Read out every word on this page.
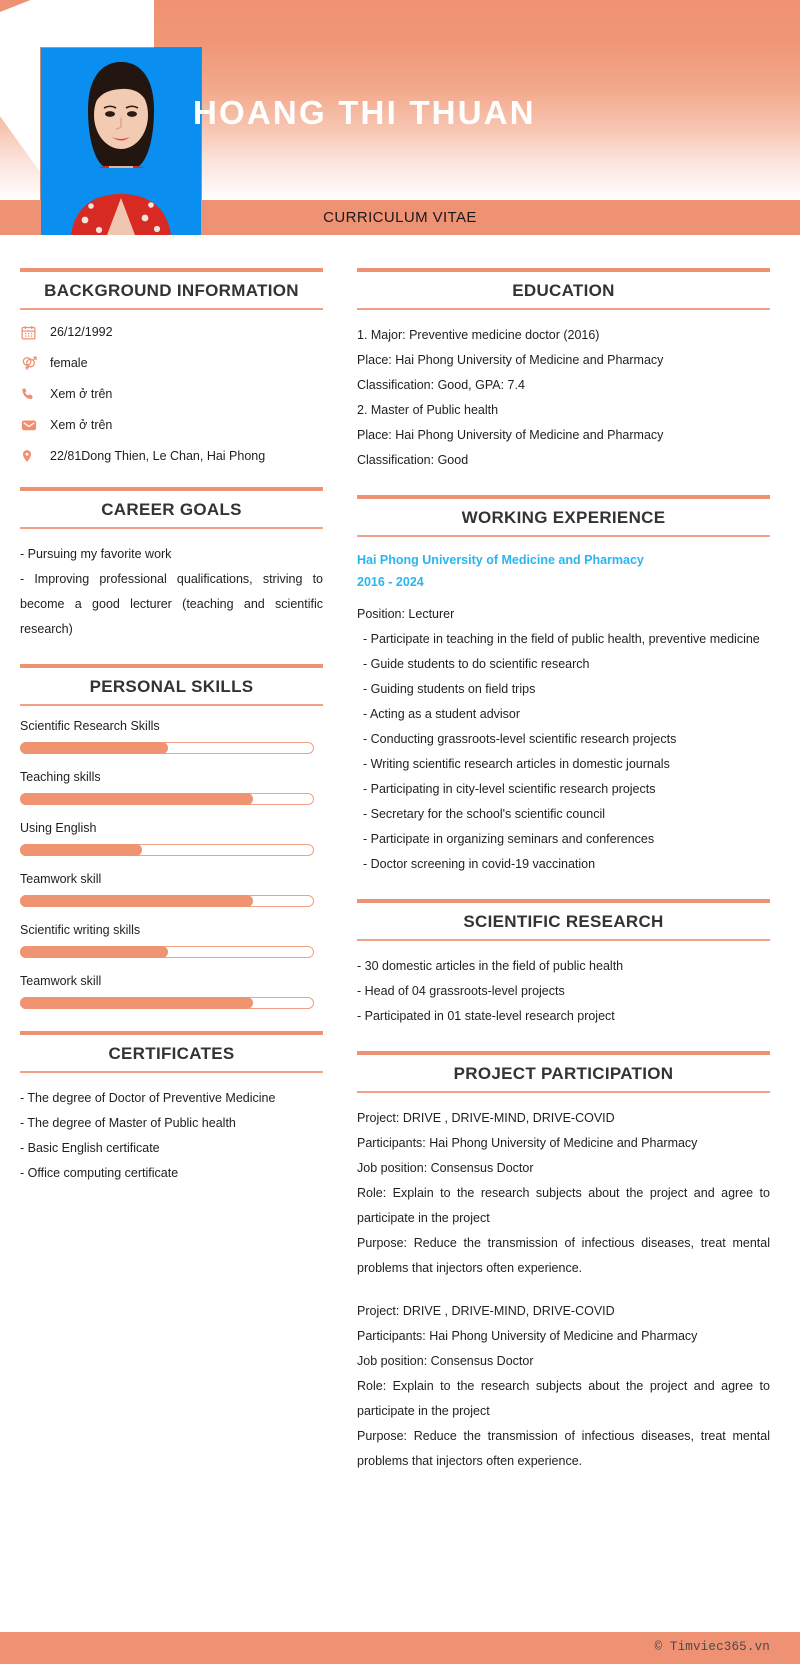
HOANG THI THUAN
CURRICULUM VITAE
BACKGROUND INFORMATION
26/12/1992
female
Xem ở trên
Xem ở trên
22/81Dong Thien, Le Chan, Hai Phong
CAREER GOALS
- Pursuing my favorite work
- Improving professional qualifications, striving to become a good lecturer (teaching and scientific research)
PERSONAL SKILLS
Scientific Research Skills
Teaching skills
Using English
Teamwork skill
Scientific writing skills
Teamwork skill
CERTIFICATES
- The degree of Doctor of Preventive Medicine
- The degree of Master of Public health
- Basic English certificate
- Office computing certificate
EDUCATION
1. Major: Preventive medicine doctor (2016)
Place: Hai Phong University of Medicine and Pharmacy
Classification: Good, GPA: 7.4
2. Master of Public health
Place: Hai Phong University of Medicine and Pharmacy
Classification: Good
WORKING EXPERIENCE
Hai Phong University of Medicine and Pharmacy
2016 - 2024
Position: Lecturer
- Participate in teaching in the field of public health, preventive medicine
- Guide students to do scientific research
- Guiding students on field trips
- Acting as a student advisor
- Conducting grassroots-level scientific research projects
- Writing scientific research articles in domestic journals
- Participating in city-level scientific research projects
- Secretary for the school's scientific council
- Participate in organizing seminars and conferences
- Doctor screening in covid-19 vaccination
SCIENTIFIC RESEARCH
- 30 domestic articles in the field of public health
- Head of 04 grassroots-level projects
- Participated in 01 state-level research project
PROJECT PARTICIPATION
Project: DRIVE , DRIVE-MIND, DRIVE-COVID
Participants: Hai Phong University of Medicine and Pharmacy
Job position: Consensus Doctor
Role: Explain to the research subjects about the project and agree to participate in the project
Purpose: Reduce the transmission of infectious diseases, treat mental problems that injectors often experience.
Project: DRIVE , DRIVE-MIND, DRIVE-COVID
Participants: Hai Phong University of Medicine and Pharmacy
Job position: Consensus Doctor
Role: Explain to the research subjects about the project and agree to participate in the project
Purpose: Reduce the transmission of infectious diseases, treat mental problems that injectors often experience.
© Timviec365.vn
